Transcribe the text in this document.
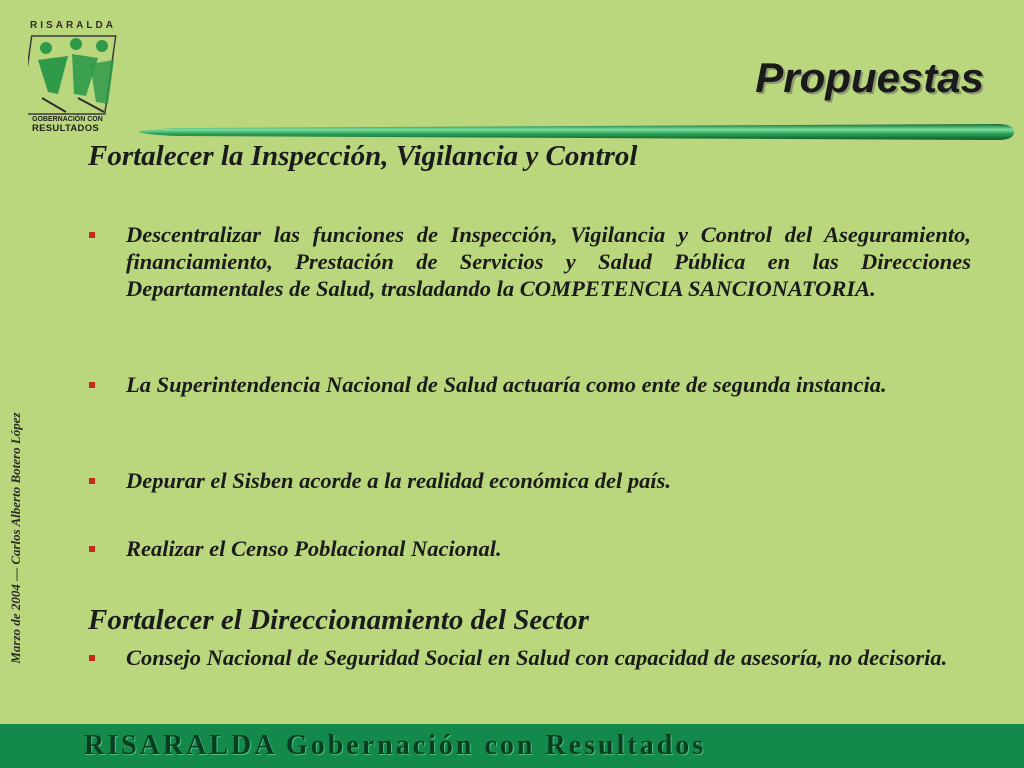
RISARALDA
GOBERNACIÓN CON
RESULTADOS
Propuestas
Fortalecer la Inspección, Vigilancia y Control
Descentralizar las funciones de Inspección, Vigilancia y Control del Aseguramiento, financiamiento, Prestación de Servicios y Salud Pública en las Direcciones Departamentales de Salud, trasladando la COMPETENCIA SANCIONATORIA.
La Superintendencia Nacional de Salud actuaría como ente de segunda instancia.
Depurar el Sisben acorde a la realidad económica del país.
Realizar el Censo Poblacional Nacional.
Fortalecer el Direccionamiento del Sector
Consejo Nacional de Seguridad Social en Salud con capacidad de asesoría, no decisoria.
Marzo de 2004 — Carlos Alberto Botero López
RISARALDA Gobernación con Resultados
